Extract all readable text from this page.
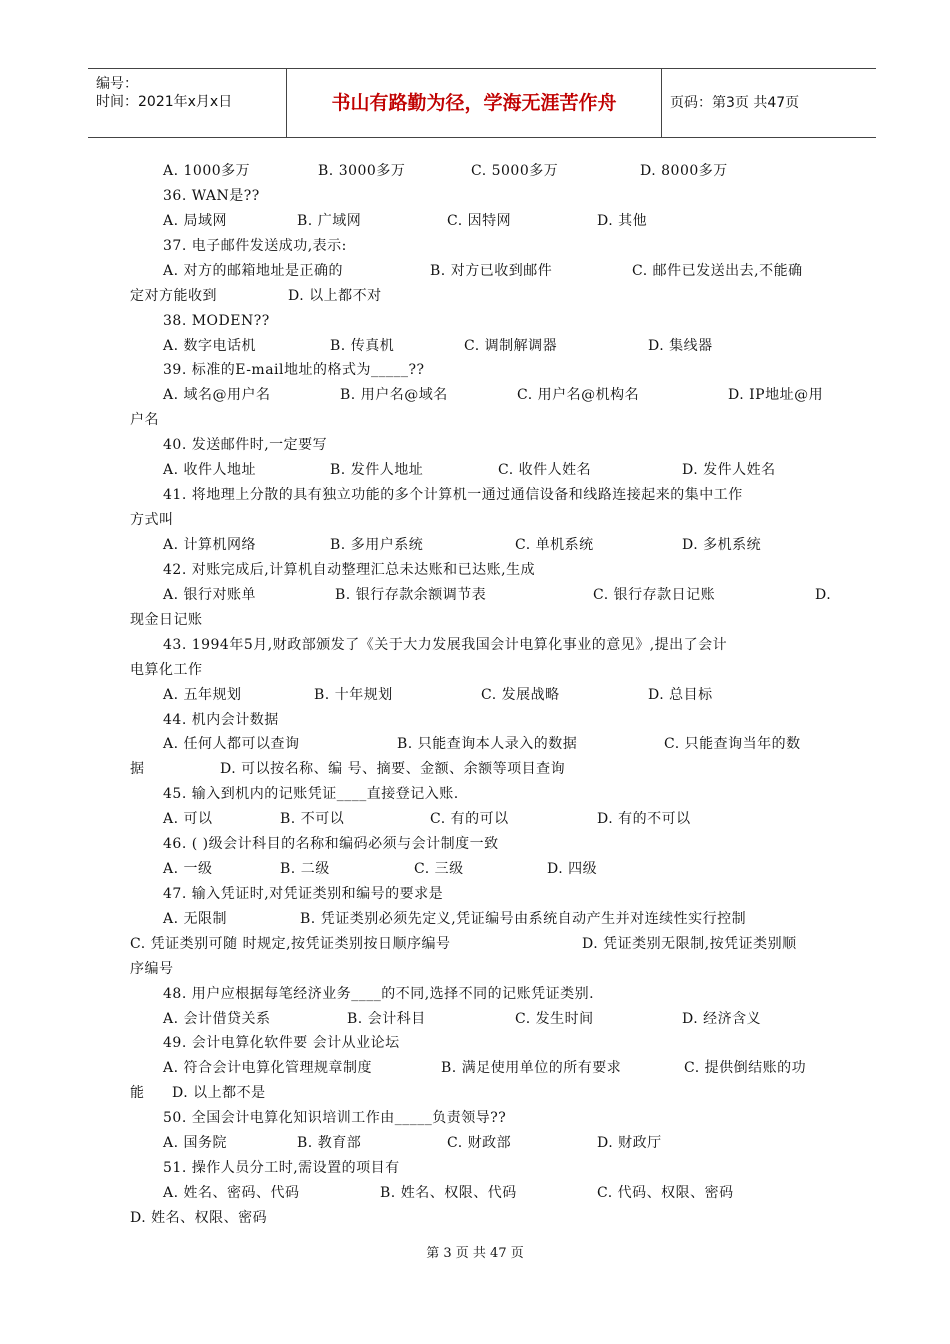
编号：
时间：2021年x月x日	书山有路勤为径，学海无涯苦作舟	页码：第3页 共47页
A. 1000多万	B. 3000多万	C. 5000多万	D. 8000多万
36. WAN是??
A. 局域网	B. 广域网	C. 因特网	D. 其他
37. 电子邮件发送成功,表示:
A. 对方的邮箱地址是正确的	B. 对方已收到邮件	C. 邮件已发送出去,不能确
定对方能收到	D. 以上都不对
38. MODEN??
A. 数字电话机	B. 传真机	C. 调制解调器	D. 集线器
39. 标准的E-mail地址的格式为_____??
A. 域名@用户名	B. 用户名@域名	C. 用户名@机构名	D. IP地址@用
户名
40. 发送邮件时,一定要写
A. 收件人地址	B. 发件人地址	C. 收件人姓名	D. 发件人姓名
41. 将地理上分散的具有独立功能的多个计算机一通过通信设备和线路连接起来的集中工作
方式叫
A. 计算机网络	B. 多用户系统	C. 单机系统	D. 多机系统
42. 对账完成后,计算机自动整理汇总未达账和已达账,生成
A. 银行对账单	B. 银行存款余额调节表	C. 银行存款日记账	D.
现金日记账
43. 1994年5月,财政部颁发了《关于大力发展我国会计电算化事业的意见》,提出了会计
电算化工作
A. 五年规划	B. 十年规划	C. 发展战略	D. 总目标
44. 机内会计数据
A. 任何人都可以查询	B. 只能查询本人录入的数据	C. 只能查询当年的数
据	D. 可以按名称、编 号、摘要、金额、余额等项目查询
45. 输入到机内的记账凭证____直接登记入账.
A. 可以	B. 不可以	C. 有的可以	D. 有的不可以
46. ( )级会计科目的名称和编码必须与会计制度一致
A. 一级	B. 二级	C. 三级	D. 四级
47. 输入凭证时,对凭证类别和编号的要求是
A. 无限制	B. 凭证类别必须先定义,凭证编号由系统自动产生并对连续性实行控制
C. 凭证类别可随 时规定,按凭证类别按日顺序编号	D. 凭证类别无限制,按凭证类别顺
序编号
48. 用户应根据每笔经济业务____的不同,选择不同的记账凭证类别.
A. 会计借贷关系	B. 会计科目	C. 发生时间	D. 经济含义
49. 会计电算化软件要 会计从业论坛
A. 符合会计电算化管理规章制度	B. 满足使用单位的所有要求	C. 提供倒结账的功
能 D. 以上都不是
50. 全国会计电算化知识培训工作由_____负责领导??
A. 国务院	B. 教育部	C. 财政部	D. 财政厅
51. 操作人员分工时,需设置的项目有
A. 姓名、密码、代码	B. 姓名、权限、代码	C. 代码、权限、密码
D. 姓名、权限、密码
第 3 页 共 47 页
